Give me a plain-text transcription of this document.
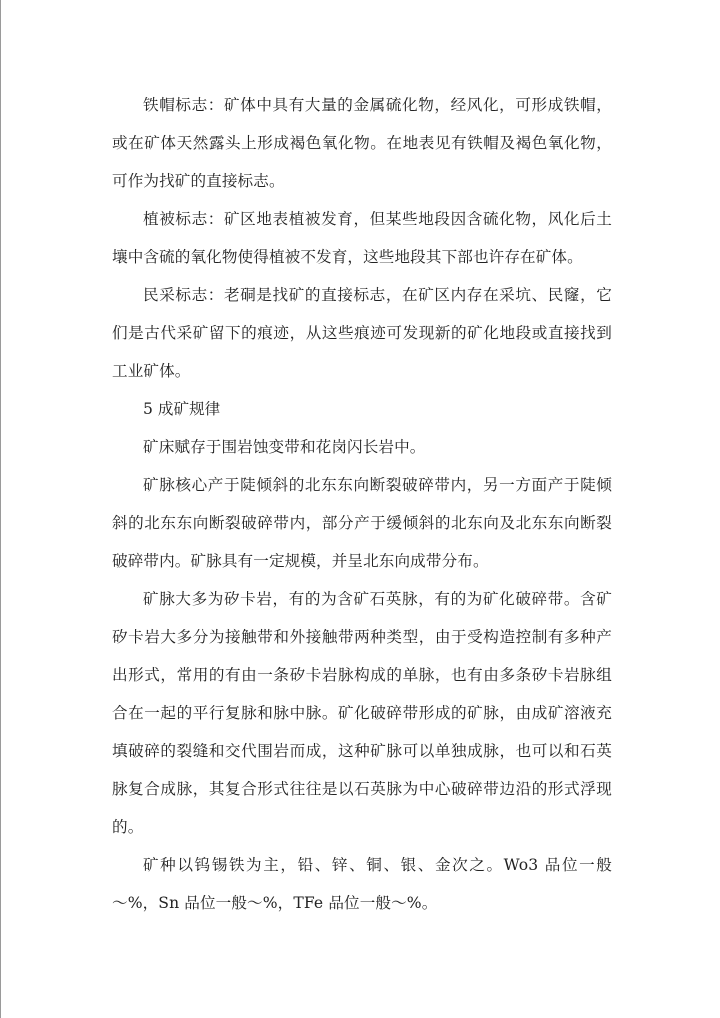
铁帽标志：矿体中具有大量的金属硫化物，经风化，可形成铁帽，或在矿体天然露头上形成褐色氧化物。在地表见有铁帽及褐色氧化物，可作为找矿的直接标志。

植被标志：矿区地表植被发育，但某些地段因含硫化物，风化后土壤中含硫的氧化物使得植被不发育，这些地段其下部也许存在矿体。

民采标志：老硐是找矿的直接标志，在矿区内存在采坑、民窿，它们是古代采矿留下的痕迹，从这些痕迹可发现新的矿化地段或直接找到工业矿体。

5 成矿规律

矿床赋存于围岩蚀变带和花岗闪长岩中。

矿脉核心产于陡倾斜的北东东向断裂破碎带内，另一方面产于陡倾斜的北东东向断裂破碎带内，部分产于缓倾斜的北东向及北东东向断裂破碎带内。矿脉具有一定规模，并呈北东向成带分布。

矿脉大多为矽卡岩，有的为含矿石英脉，有的为矿化破碎带。含矿矽卡岩大多分为接触带和外接触带两种类型，由于受构造控制有多种产出形式，常用的有由一条矽卡岩脉构成的单脉，也有由多条矽卡岩脉组合在一起的平行复脉和脉中脉。矿化破碎带形成的矿脉，由成矿溶液充填破碎的裂缝和交代围岩而成，这种矿脉可以单独成脉，也可以和石英脉复合成脉，其复合形式往往是以石英脉为中心破碎带边沿的形式浮现的。

矿种以钨锡铁为主，铅、锌、铜、银、金次之。Wo3 品位一般～%，Sn 品位一般～%，TFe 品位一般～%。
